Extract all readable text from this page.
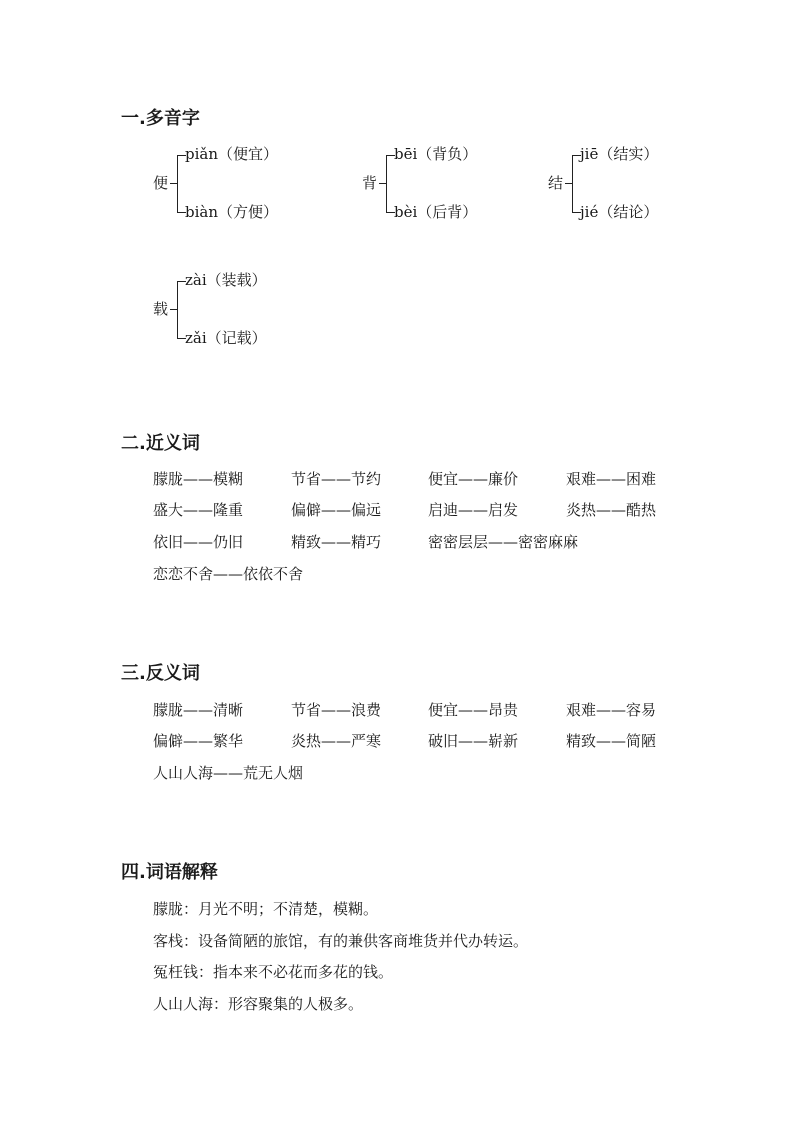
一.多音字
便
piǎn（便宜）
biàn（方便）
背
bēi（背负）
bèi（后背）
结
jiē（结实）
jié（结论）
载
zài（装载）
zǎi（记载）
二.近义词
朦胧——模糊	节省——节约	便宜——廉价	艰难——困难
盛大——隆重	偏僻——偏远	启迪——启发	炎热——酷热
依旧——仍旧	精致——精巧	密密层层——密密麻麻
恋恋不舍——依依不舍
三.反义词
朦胧——清晰	节省——浪费	便宜——昂贵	艰难——容易
偏僻——繁华	炎热——严寒	破旧——崭新	精致——简陋
人山人海——荒无人烟
四.词语解释
朦胧：月光不明；不清楚，模糊。
客栈：设备简陋的旅馆，有的兼供客商堆货并代办转运。
冤枉钱：指本来不必花而多花的钱。
人山人海：形容聚集的人极多。
